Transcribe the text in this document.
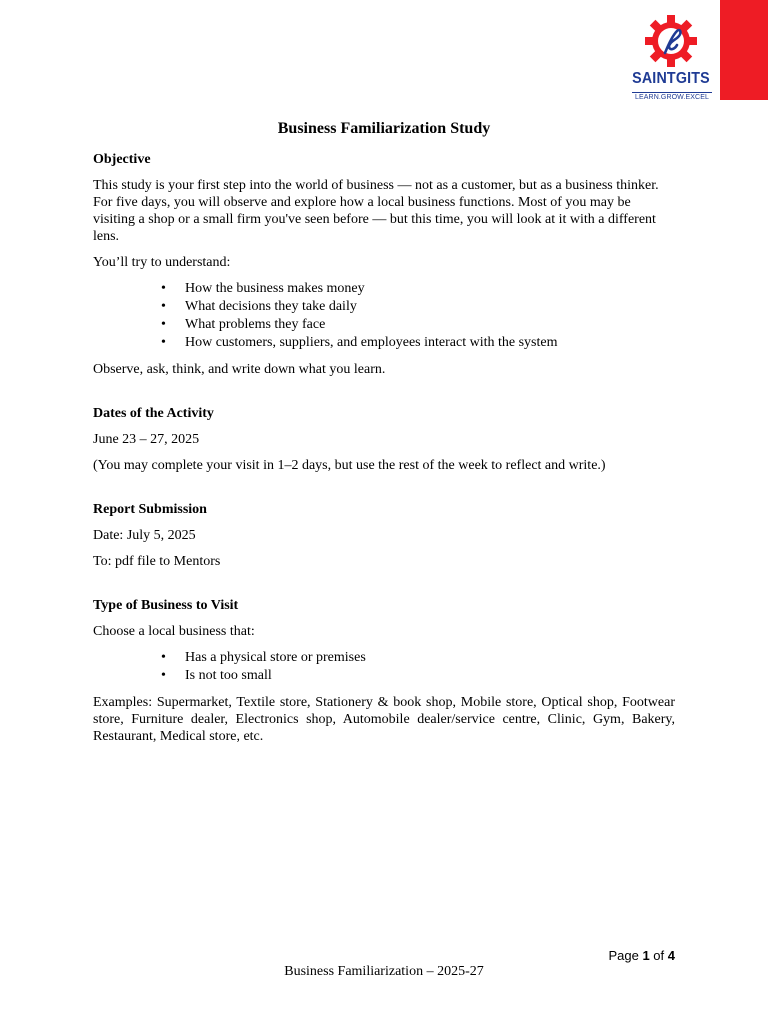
SAINTGITS
LEARN.GROW.EXCEL
Business Familiarization Study
Objective

This study is your first step into the world of business — not as a customer, but as a business thinker. For five days, you will observe and explore how a local business functions. Most of you may be visiting a shop or a small firm you've seen before — but this time, you will look at it with a different lens.

You’ll try to understand:

• How the business makes money
• What decisions they take daily
• What problems they face
• How customers, suppliers, and employees interact with the system

Observe, ask, think, and write down what you learn.

Dates of the Activity

June 23 – 27, 2025

(You may complete your visit in 1–2 days, but use the rest of the week to reflect and write.)

Report Submission

Date: July 5, 2025

To: pdf file to Mentors

Type of Business to Visit

Choose a local business that:

• Has a physical store or premises
• Is not too small

Examples: Supermarket, Textile store, Stationery & book shop, Mobile store, Optical shop, Footwear store, Furniture dealer, Electronics shop, Automobile dealer/service centre, Clinic, Gym, Bakery, Restaurant, Medical store, etc.

Page 1 of 4
Business Familiarization – 2025-27
